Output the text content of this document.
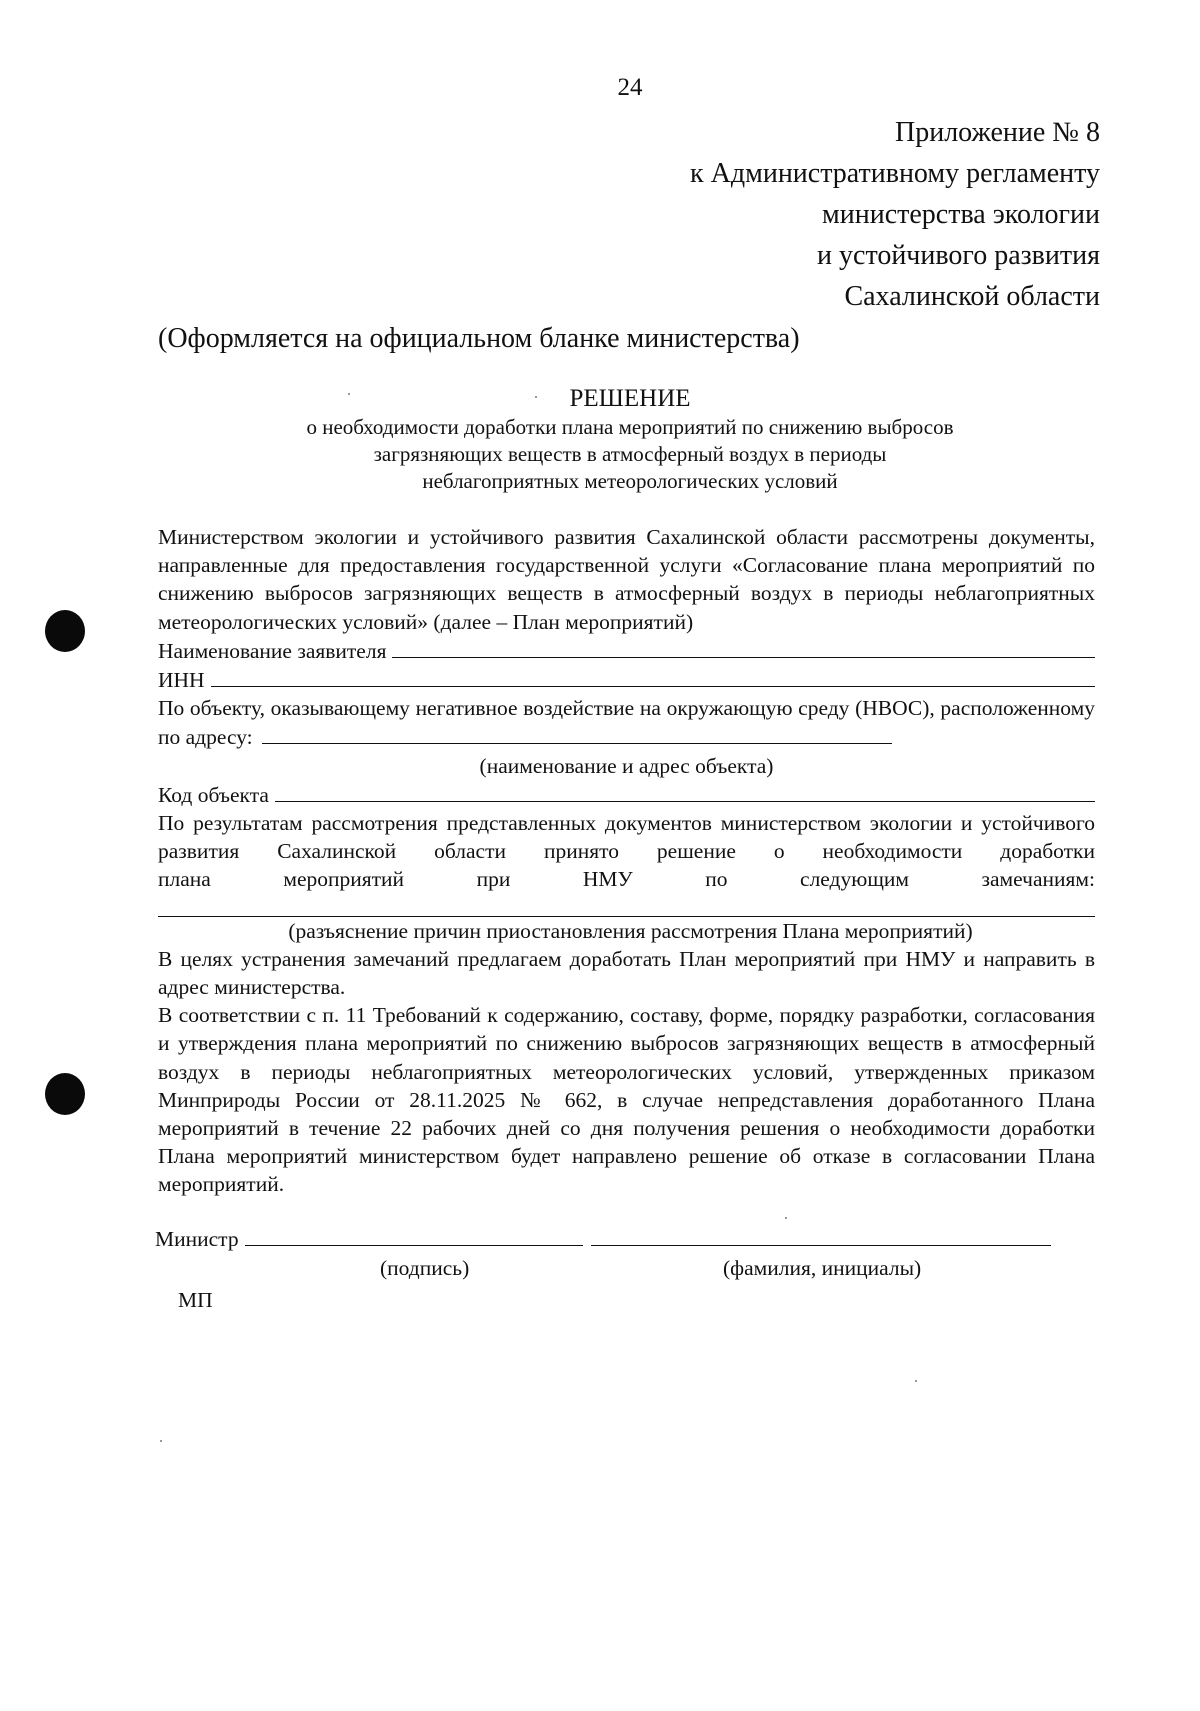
24
Приложение № 8
к Административному регламенту
министерства экологии
и устойчивого развития
Сахалинской области
(Оформляется на официальном бланке министерства)
РЕШЕНИЕ
о необходимости доработки плана мероприятий по снижению выбросов
загрязняющих веществ в атмосферный воздух в периоды
неблагоприятных метеорологических условий
Министерством экологии и устойчивого развития Сахалинской области рассмотрены документы, направленные для предоставления государственной услуги «Согласование плана мероприятий по снижению выбросов загрязняющих веществ в атмосферный воздух в периоды неблагоприятных метеорологических условий» (далее – План мероприятий)
Наименование заявителя
ИНН
По объекту, оказывающему негативное воздействие на окружающую среду (НВОС), расположенному по адресу:
(наименование и адрес объекта)
Код объекта
По результатам рассмотрения представленных документов министерством экологии и устойчивого развития Сахалинской области принято решение о необходимости доработки
плана	мероприятий	при	НМУ	по	следующим	замечаниям:
(разъяснение причин приостановления рассмотрения Плана мероприятий)
В целях устранения замечаний предлагаем доработать План мероприятий при НМУ и направить в адрес министерства.
В соответствии с п. 11 Требований к содержанию, составу, форме, порядку разработки, согласования и утверждения плана мероприятий по снижению выбросов загрязняющих веществ в атмосферный воздух в периоды неблагоприятных метеорологических условий, утвержденных приказом Минприроды России от 28.11.2025 № 662, в случае непредставления доработанного Плана мероприятий в течение 22 рабочих дней со дня получения решения о необходимости доработки Плана мероприятий министерством будет направлено решение об отказе в согласовании Плана мероприятий.
Министр
(подпись)	(фамилия, инициалы)
МП
